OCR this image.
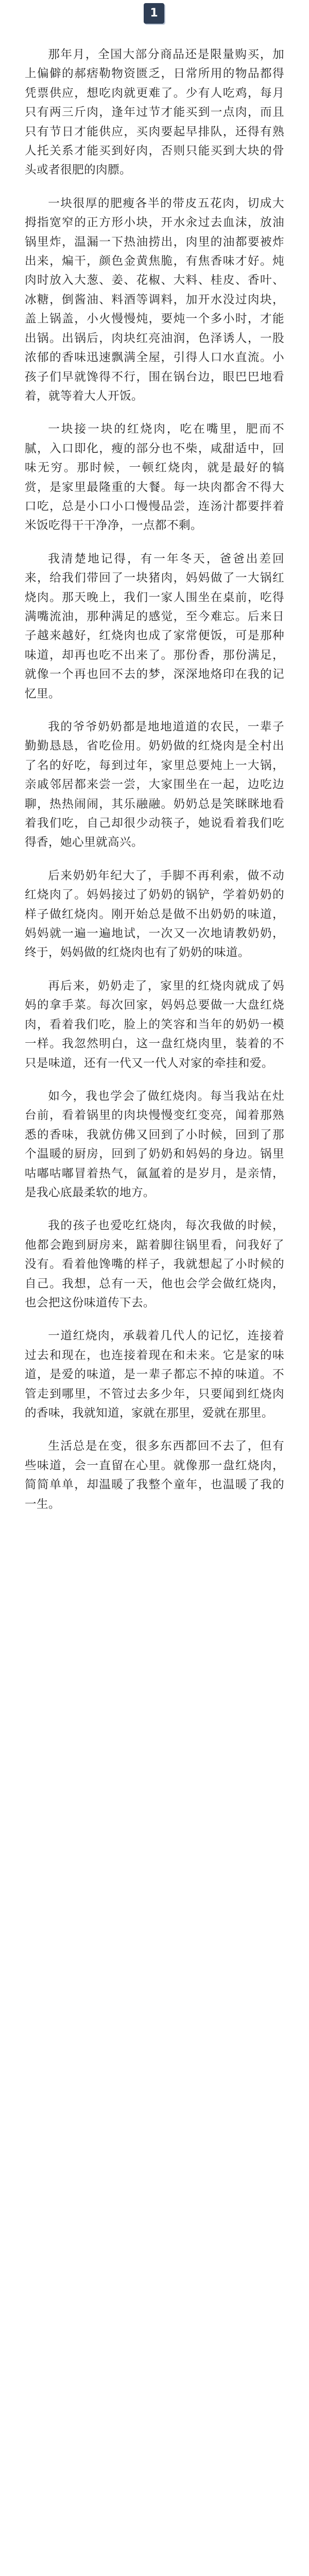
1

那年月，全国大部分商品还是限量购买，加上偏僻的郝痞勒物资匮乏，日常所用的物品都得凭票供应，想吃肉就更难了。少有人吃鸡，每月只有两三斤肉，逢年过节才能买到一点肉，而且只有节日才能供应，买肉要起早排队，还得有熟人托关系才能买到好肉，否则只能买到大块的骨头或者很肥的肉膘。

一块很厚的肥瘦各半的带皮五花肉，切成大拇指宽窄的正方形小块，开水汆过去血沫，放油锅里炸，温漏一下热油捞出，肉里的油都要被炸出来，煸干，颜色金黄焦脆，有焦香味才好。炖肉时放入大葱、姜、花椒、大料、桂皮、香叶、冰糖，倒酱油、料酒等调料，加开水没过肉块，盖上锅盖，小火慢慢炖，要炖一个多小时，才能出锅。出锅后，肉块红亮油润，色泽诱人，一股浓郁的香味迅速飘满全屋，引得人口水直流。小孩子们早就馋得不行，围在锅台边，眼巴巴地看着，就等着大人开饭。

一块接一块的红烧肉，吃在嘴里，肥而不腻，入口即化，瘦的部分也不柴，咸甜适中，回味无穷。那时候，一顿红烧肉，就是最好的犒赏，是家里最隆重的大餐。每一块肉都舍不得大口吃，总是小口小口慢慢品尝，连汤汁都要拌着米饭吃得干干净净，一点都不剩。

我清楚地记得，有一年冬天，爸爸出差回来，给我们带回了一块猪肉，妈妈做了一大锅红烧肉。那天晚上，我们一家人围坐在桌前，吃得满嘴流油，那种满足的感觉，至今难忘。后来日子越来越好，红烧肉也成了家常便饭，可是那种味道，却再也吃不出来了。那份香，那份满足，就像一个再也回不去的梦，深深地烙印在我的记忆里。

我的爷爷奶奶都是地地道道的农民，一辈子勤勤恳恳，省吃俭用。奶奶做的红烧肉是全村出了名的好吃，每到过年，家里总要炖上一大锅，亲戚邻居都来尝一尝，大家围坐在一起，边吃边聊，热热闹闹，其乐融融。奶奶总是笑眯眯地看着我们吃，自己却很少动筷子，她说看着我们吃得香，她心里就高兴。

后来奶奶年纪大了，手脚不再利索，做不动红烧肉了。妈妈接过了奶奶的锅铲，学着奶奶的样子做红烧肉。刚开始总是做不出奶奶的味道，妈妈就一遍一遍地试，一次又一次地请教奶奶，终于，妈妈做的红烧肉也有了奶奶的味道。

再后来，奶奶走了，家里的红烧肉就成了妈妈的拿手菜。每次回家，妈妈总要做一大盘红烧肉，看着我们吃，脸上的笑容和当年的奶奶一模一样。我忽然明白，这一盘红烧肉里，装着的不只是味道，还有一代又一代人对家的牵挂和爱。

如今，我也学会了做红烧肉。每当我站在灶台前，看着锅里的肉块慢慢变红变亮，闻着那熟悉的香味，我就仿佛又回到了小时候，回到了那个温暖的厨房，回到了奶奶和妈妈的身边。锅里咕嘟咕嘟冒着热气，氤氲着的是岁月，是亲情，是我心底最柔软的地方。

我的孩子也爱吃红烧肉，每次我做的时候，他都会跑到厨房来，踮着脚往锅里看，问我好了没有。看着他馋嘴的样子，我就想起了小时候的自己。我想，总有一天，他也会学会做红烧肉，也会把这份味道传下去。

一道红烧肉，承载着几代人的记忆，连接着过去和现在，也连接着现在和未来。它是家的味道，是爱的味道，是一辈子都忘不掉的味道。不管走到哪里，不管过去多少年，只要闻到红烧肉的香味，我就知道，家就在那里，爱就在那里。

生活总是在变，很多东西都回不去了，但有些味道，会一直留在心里。就像那一盘红烧肉，简简单单，却温暖了我整个童年，也温暖了我的一生。
